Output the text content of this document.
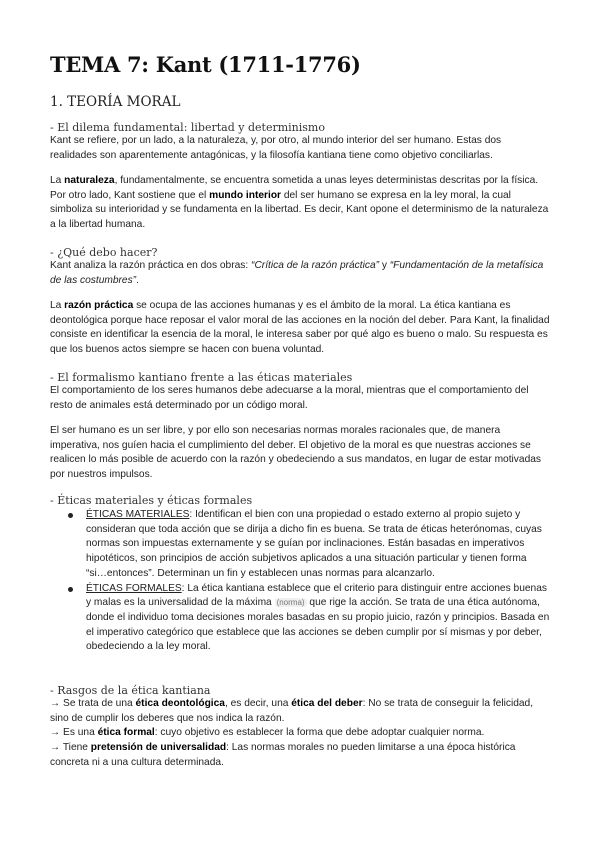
TEMA 7: Kant (1711-1776)
1. TEORÍA MORAL
- El dilema fundamental: libertad y determinismo

Kant se refiere, por un lado, a la naturaleza, y, por otro, al mundo interior del ser humano. Estas dos realidades son aparentemente antagónicas, y la filosofía kantiana tiene como objetivo conciliarlas.

La naturaleza, fundamentalmente, se encuentra sometida a unas leyes deterministas descritas por la física. Por otro lado, Kant sostiene que el mundo interior del ser humano se expresa en la ley moral, la cual simboliza su interioridad y se fundamenta en la libertad. Es decir, Kant opone el determinismo de la naturaleza a la libertad humana.

- ¿Qué debo hacer?

Kant analiza la razón práctica en dos obras: “Crítica de la razón práctica” y “Fundamentación de la metafísica de las costumbres”.

La razón práctica se ocupa de las acciones humanas y es el ámbito de la moral. La ética kantiana es deontológica porque hace reposar el valor moral de las acciones en la noción del deber. Para Kant, la finalidad consiste en identificar la esencia de la moral, le interesa saber por qué algo es bueno o malo. Su respuesta es que los buenos actos siempre se hacen con buena voluntad.

- El formalismo kantiano frente a las éticas materiales

El comportamiento de los seres humanos debe adecuarse a la moral, mientras que el comportamiento del resto de animales está determinado por un código moral.

El ser humano es un ser libre, y por ello son necesarias normas morales racionales que, de manera imperativa, nos guíen hacia el cumplimiento del deber. El objetivo de la moral es que nuestras acciones se realicen lo más posible de acuerdo con la razón y obedeciendo a sus mandatos, en lugar de estar motivadas por nuestros impulsos.

- Éticas materiales y éticas formales
ÉTICAS MATERIALES: Identifican el bien con una propiedad o estado externo al propio sujeto y consideran que toda acción que se dirija a dicho fin es buena. Se trata de éticas heterónomas, cuyas normas son impuestas externamente y se guían por inclinaciones. Están basadas en imperativos hipotéticos, son principios de acción subjetivos aplicados a una situación particular y tienen forma “si…entonces”. Determinan un fin y establecen unas normas para alcanzarlo.
ÉTICAS FORMALES: La ética kantiana establece que el criterio para distinguir entre acciones buenas y malas es la universalidad de la máxima (norma) que rige la acción. Se trata de una ética autónoma, donde el individuo toma decisiones morales basadas en su propio juicio, razón y principios. Basada en el imperativo categórico que establece que las acciones se deben cumplir por sí mismas y por deber, obedeciendo a la ley moral.
- Rasgos de la ética kantiana

→ Se trata de una ética deontológica, es decir, una ética del deber: No se trata de conseguir la felicidad, sino de cumplir los deberes que nos indica la razón.

→ Es una ética formal: cuyo objetivo es establecer la forma que debe adoptar cualquier norma.

→ Tiene pretensión de universalidad: Las normas morales no pueden limitarse a una época histórica concreta ni a una cultura determinada.
